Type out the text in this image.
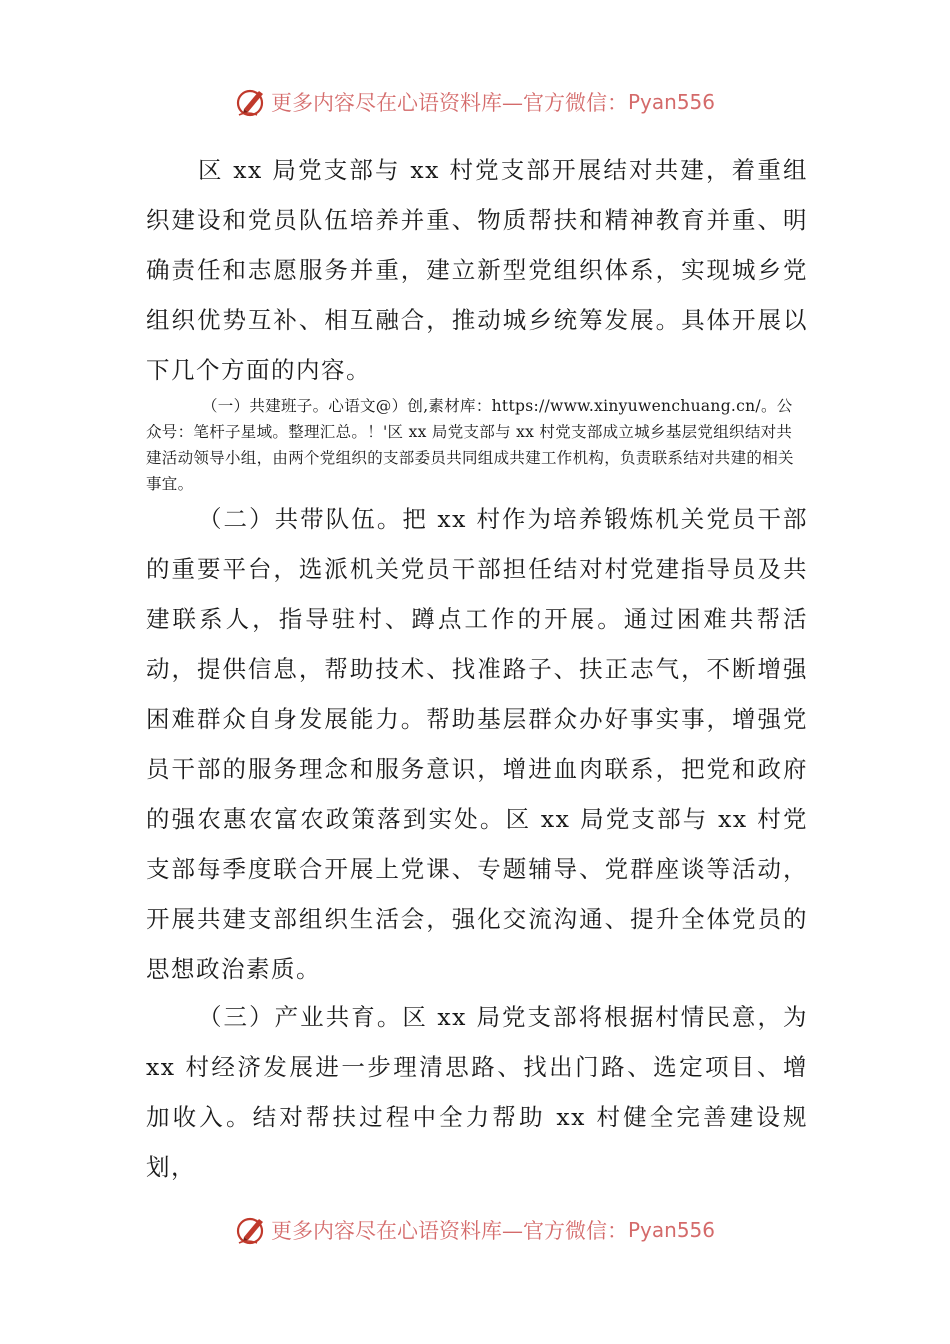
更多内容尽在心语资料库—官方微信： Pyan556

区 xx 局党支部与 xx 村党支部开展结对共建，着重组织建设和党员队伍培养并重、物质帮扶和精神教育并重、明确责任和志愿服务并重，建立新型党组织体系，实现城乡党组织优势互补、相互融合，推动城乡统筹发展。具体开展以下几个方面的内容。

（一）共建班子。心语文@）创,素材库：https://www.xinyuwenchuang.cn/。公众号：笔杆子星域。整理汇总。！'区 xx 局党支部与 xx 村党支部成立城乡基层党组织结对共建活动领导小组，由两个党组织的支部委员共同组成共建工作机构，负责联系结对共建的相关事宜。

（二）共带队伍。把 xx 村作为培养锻炼机关党员干部的重要平台，选派机关党员干部担任结对村党建指导员及共建联系人，指导驻村、蹲点工作的开展。通过困难共帮活动，提供信息，帮助技术、找准路子、扶正志气，不断增强困难群众自身发展能力。帮助基层群众办好事实事，增强党员干部的服务理念和服务意识，增进血肉联系，把党和政府的强农惠农富农政策落到实处。区 xx 局党支部与 xx 村党支部每季度联合开展上党课、专题辅导、党群座谈等活动，开展共建支部组织生活会，强化交流沟通、提升全体党员的思想政治素质。

（三）产业共育。区 xx 局党支部将根据村情民意，为 xx 村经济发展进一步理清思路、找出门路、选定项目、增加收入。结对帮扶过程中全力帮助 xx 村健全完善建设规划，

更多内容尽在心语资料库—官方微信： Pyan556
